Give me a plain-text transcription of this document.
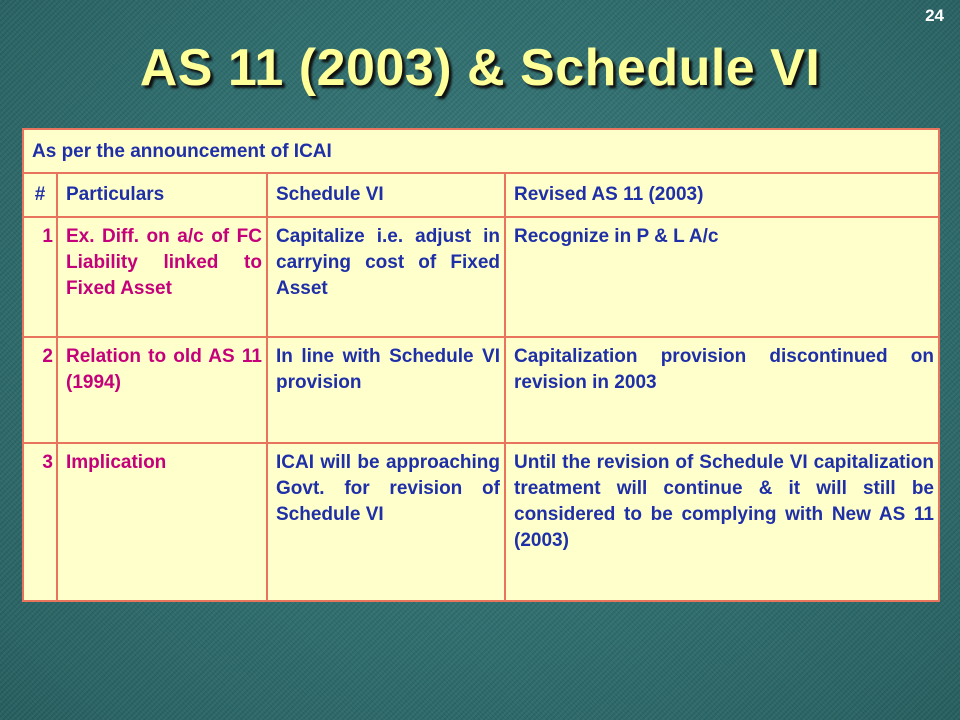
24
AS 11 (2003) & Schedule VI
As per the announcement of ICAI			
#	Particulars	Schedule VI	Revised AS 11 (2003)
1	Ex. Diff. on a/c of FC Liability linked to Fixed Asset	Capitalize i.e. adjust in carrying cost of Fixed Asset	Recognize in P & L A/c
2	Relation to old AS 11 (1994)	In line with Schedule VI provision	Capitalization provision discontinued on revision in 2003
3	Implication	ICAI will be approaching Govt. for revision of Schedule VI	Until the revision of Schedule VI capitalization treatment will continue & it will still be considered to be complying with New AS 11 (2003)
